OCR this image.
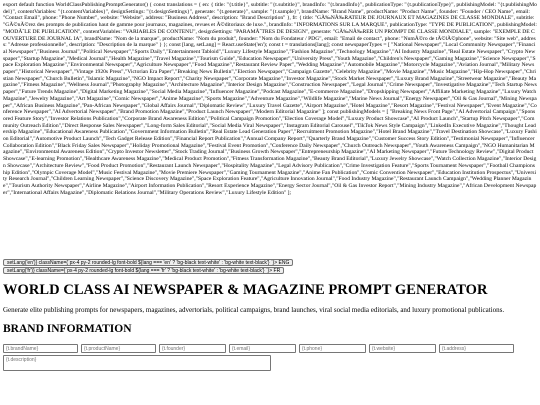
export default function WorldClassPublishingPromptGenerator() { const translations = { en: { title: "{t.title}", subtitle: "{t.subtitle}", brandInfo: "{t.brandInfo}", publicationType: "{t.publicationType}", publishingModel: "{t.publishingModel}", contentVariables: "{t.contentVariables}", designSettings: "{t.designSettings}", generate: "{t.generate}", sample: "{t.sample}", brandName: "Brand Name", productName: "Product Name", founder: "Founder / CEO Name", email: "Contact Email", phone: "Phone Number", website: "Website", address: "Business Address", description: "Brand Description" }, fr: { title: "GÃ‰NÃ‰RATEUR DE JOURNAUX ET MAGAZINES DE CLASSE MONDIALE", subtitle: "GÃ©nÃ©rez des prompts de publication haut de gamme pour journaux, magazines, revues et Ã©ditoriaux de luxe.", brandInfo: "INFORMATIONS SUR LA MARQUE", publicationType: "TYPE DE PUBLICATION", publishingModel: "MODÃˆLE DE PUBLICATION", contentVariables: "VARIABLES DE CONTENU", designSettings: "PARAMÃˆTRES DE DESIGN", generate: "GÃ‰NÃ‰RER UN PROMPT DE CLASSE MONDIALE", sample: "EXEMPLE DE COUVERTURE DE JOURNAL IA", brandName: "Nom de la marque", productName: "Nom du produit", founder: "Nom du Fondateur / PDG", email: "Email de contact", phone: "NumÃ©ro de tÃ©lÃ©phone", website: "Site web", address: "Adresse professionnelle", description: "Description de la marque" } }; const [lang, setLang] = React.useState('en'); const t = translations[lang]; const newspaperTypes = [ "National Newspaper","Local Community Newspaper","Financial Newspaper","Business Journal","Political Newspaper","Sports Daily","Entertainment Tabloid","Luxury Lifestyle Magazine","Fashion Magazine","Technology Magazine","AI Industry Magazine","Real Estate Newspaper","Crypto Newspaper","Startup Magazine","Medical Journal","Health Magazine","Travel Magazine","Tourism Guide","Education Newspaper","University Press","Youth Magazine","Children's Newspaper","Gaming Magazine","Science Newspaper","Space Exploration Magazine","Environmental Newspaper","Agriculture Newspaper","Food Magazine","Restaurant Review Paper","Wedding Magazine","Automobile Magazine","Motorcycle Magazine","Aviation Journal","Military Newspaper","Historical Newspaper","Vintage 1920s Press","Victorian Era Paper","Breaking News Bulletin","Election Newspaper","Campaign Gazette","Celebrity Magazine","Movie Magazine","Music Magazine","Hip-Hop Newspaper","Christian Newspaper","Church Bulletin","Islamic Magazine","NGO Impact Report","Charity Newspaper","Corporate Magazine","Investor Magazine","Stock Market Newspaper","Luxury Brand Magazine","Streetwear Magazine","Beauty Magazine","Fitness Magazine","Wellness Journal","Photography Magazine","Architecture Magazine","Interior Design Magazine","Construction Newspaper","Legal Journal","Crime Newspaper","Investigative Magazine","Tech Startup Newspaper","Future Trends Magazine","Digital Marketing Magazine","Social Media Magazine","Influencer Magazine","Podcast Magazine","E-commerce Magazine","Dropshipping Newspaper","Affiliate Marketing Magazine","Luxury Watch Magazine","Jewelry Magazine","Art Magazine","Comic Newspaper","Anime Magazine","Sports Magazine","Adventure Magazine","Wildlife Magazine","Marine News Journal","Energy Newspaper","Oil & Gas Journal","Mining Newspaper","African Business Magazine","Pan-African Newspaper","Global Affairs Journal","Diplomatic Review","Luxury Travel Gazette","Airport Magazine","Hotel Magazine","Resort Magazine","Festival Newspaper","Event Magazine","Conference Newspaper","AI Advertorial Newspaper","Brand Promotion Magazine","Product Launch Newspaper","Modern Editorial Magazine" ]; const publishingModels = [ "Breaking News Front Page","AI Advertorial Campaign","Sponsored Feature Story","Investor Relations Publication","Corporate Brand Awareness Edition","Political Campaign Promotion","Election Coverage Model","Luxury Product Showcase","AI Product Launch","Startup Pitch Newspaper","Community Outreach Edition","Direct Response Sales Newspaper","Long-form Sales Editorial","Social Media Viral Newspaper","Instagram Editorial Carousel","TikTok News Style Campaign","LinkedIn Executive Magazine","Thought Leadership Magazine","Educational Awareness Publication","Government Information Bulletin","Real Estate Lead Generation Paper","Recruitment Promotion Magazine","Hotel Brand Magazine","Travel Destination Showcase","Luxury Fashion Editorial","Automotive Product Launch","Tech Gadget Release Edition","Financial Report Publication","Annual Company Report","Quarterly Brand Magazine","Customer Success Story Edition","Testimonial Newspaper","Influencer Collaboration Edition","Black Friday Sales Newspaper","Holiday Promotional Magazine","Festival Event Promotion","Conference Daily Newspaper","Church Outreach Newspaper","Youth Awareness Campaign","NGO Humanitarian Magazine","Environmental Awareness Edition","Crypto Investor Newsletter","Stock Trading Journal","Business Growth Newspaper","Entrepreneurship Magazine","AI Marketing Newspaper","Future Technology Review","Digital Product Showcase","E-learning Promotion","Healthcare Awareness Magazine","Medical Product Promotion","Fitness Transformation Magazine","Beauty Brand Editorial","Luxury Jewelry Showcase","Watch Collection Magazine","Interior Design Showcase","Architecture Review","Food Product Promotion","Restaurant Launch Newspaper","Hospitality Magazine","Legal Advisory Publication","Crime Investigation Feature","Sports Tournament Newspaper","Football Championship Edition","Olympic Coverage Model","Music Festival Magazine","Movie Premiere Newspaper","Gaming Tournament Magazine","Anime Fan Publication","Comic Convention Newspaper","Education Institution Prospectus","University Research Journal","Children Learning Newspaper","Science Discovery Magazine","Space Exploration Feature","Agriculture Innovation Journal","Food Industry Magazine","Restaurant Launch Campaign","Wedding Planner Magazine","Tourism Authority Newspaper","Airline Magazine","Airport Information Publication","Resort Experience Magazine","Energy Sector Journal","Oil & Gas Investor Report","Mining Industry Magazine","African Development Newspaper","International Affairs Magazine","Diplomatic Relations Journal","Military Operations Review","Luxury Lifestyle Edition" ];

setLang('en')} className={`px-4 py-2 rounded-lg font-bold ${lang === 'en' ? 'bg-black text-white' : 'bg-white text-black'} `}> ENG
setLang('fr')} className={`px-4 py-2 rounded-lg font-bold ${lang === 'fr' ? 'bg-black text-white' : 'bg-white text-black'} `}> FR
WORLD CLASS AI NEWSPAPER & MAGAZINE PROMPT GENERATOR

Generate elite publishing prompts for newspapers, magazines, advertorials, political campaigns, brand launches, viral social media editorials, and luxury promotional publications.

BRAND INFORMATION
{t.brandName}
{t.productName}
{t.founder}
{t.email}
{t.phone}
{t.website}
{t.address}
{t.description}
